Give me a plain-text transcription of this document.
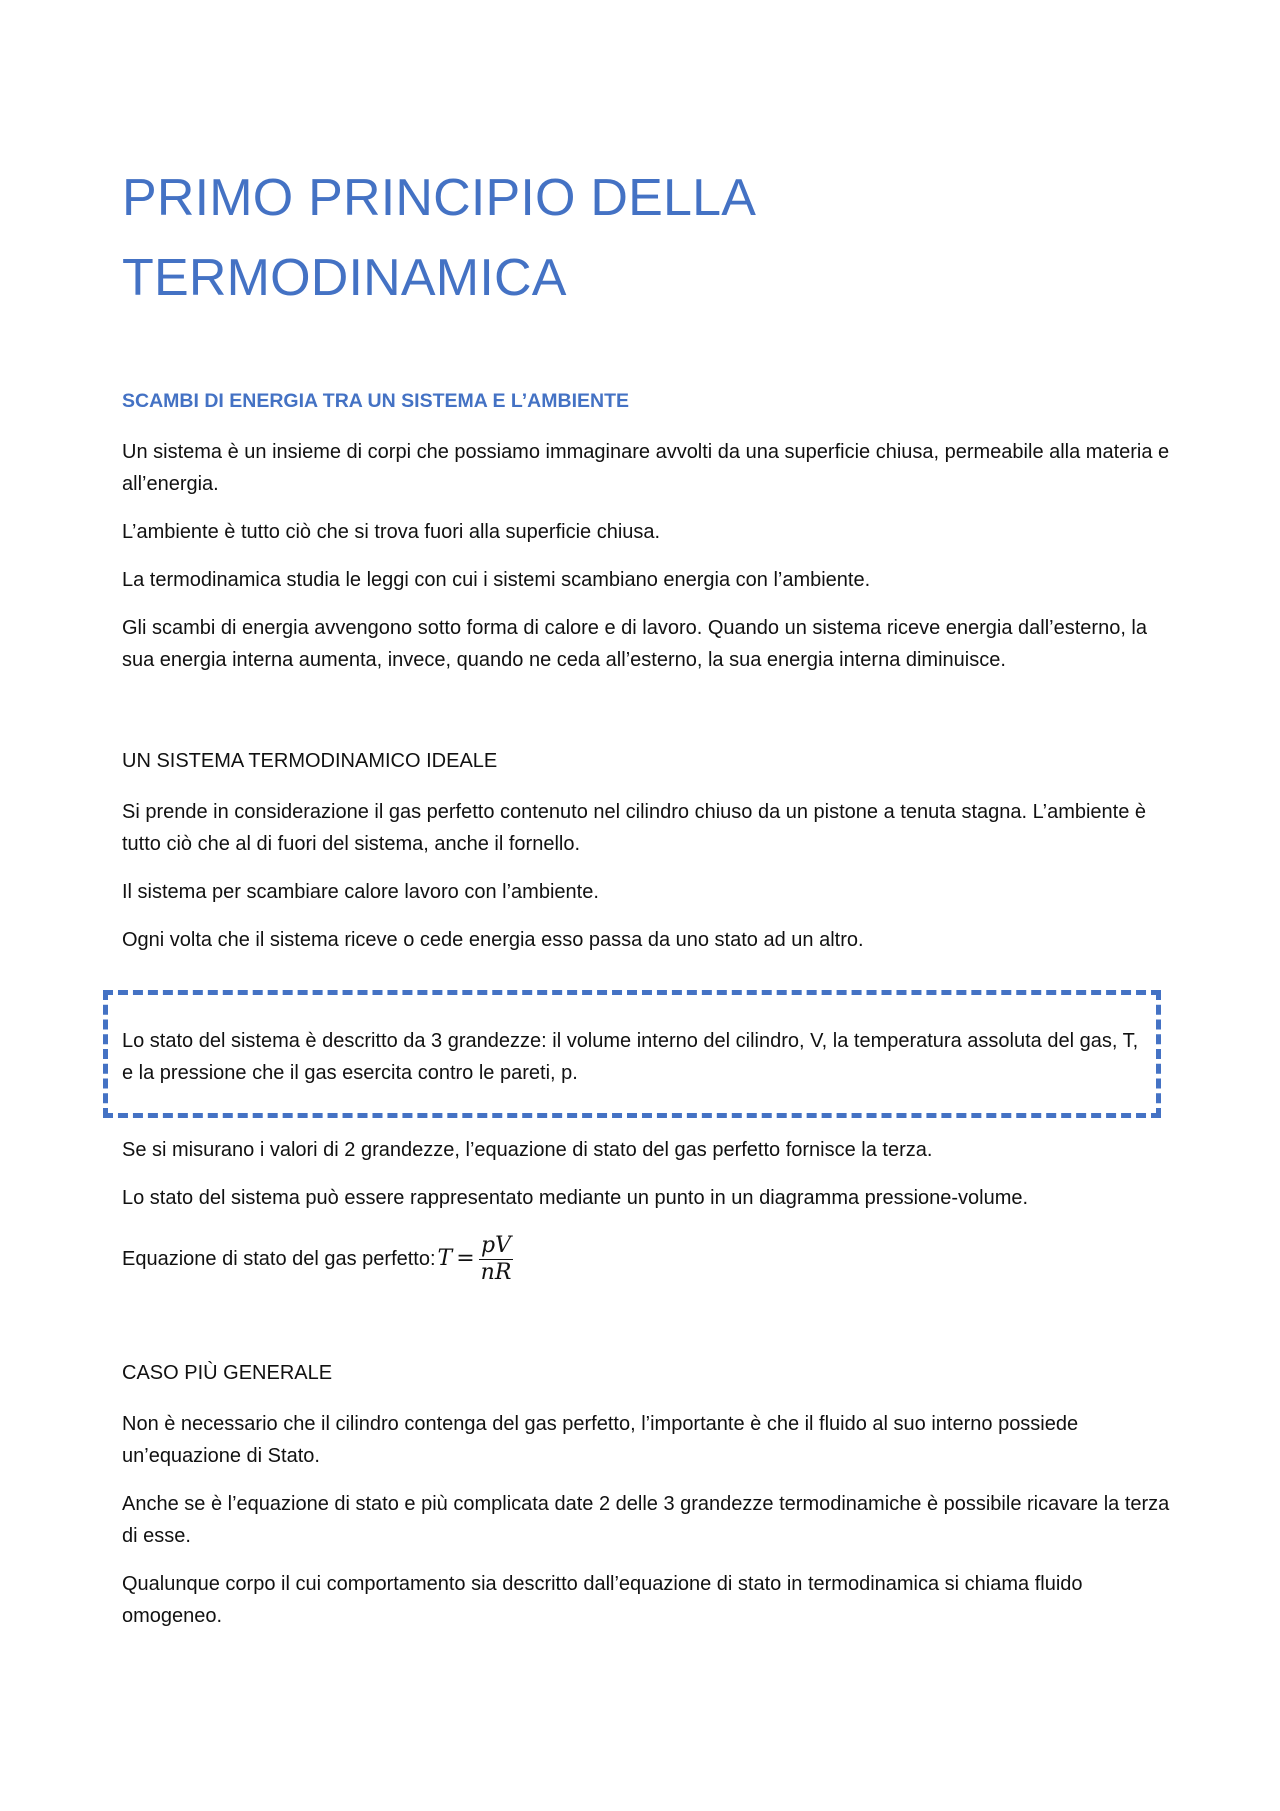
PRIMO PRINCIPIO DELLA
TERMODINAMICA
SCAMBI DI ENERGIA TRA UN SISTEMA E L’AMBIENTE

Un sistema è un insieme di corpi che possiamo immaginare avvolti da una superficie chiusa, permeabile alla materia e all’energia.

L’ambiente è tutto ciò che si trova fuori alla superficie chiusa.

La termodinamica studia le leggi con cui i sistemi scambiano energia con l’ambiente.

Gli scambi di energia avvengono sotto forma di calore e di lavoro. Quando un sistema riceve energia dall’esterno, la sua energia interna aumenta, invece, quando ne ceda all’esterno, la sua energia interna diminuisce.

UN SISTEMA TERMODINAMICO IDEALE

Si prende in considerazione il gas perfetto contenuto nel cilindro chiuso da un pistone a tenuta stagna. L’ambiente è tutto ciò che al di fuori del sistema, anche il fornello.

Il sistema per scambiare calore lavoro con l’ambiente.

Ogni volta che il sistema riceve o cede energia esso passa da uno stato ad un altro.

Lo stato del sistema è descritto da 3 grandezze: il volume interno del cilindro, V, la temperatura assoluta del gas, T, e la pressione che il gas esercita contro le pareti, p.

Se si misurano i valori di 2 grandezze, l’equazione di stato del gas perfetto fornisce la terza.

Lo stato del sistema può essere rappresentato mediante un punto in un diagramma pressione-volume.

Equazione di stato del gas perfetto: $T = \frac{pV}{nR}$
CASO PIÙ GENERALE

Non è necessario che il cilindro contenga del gas perfetto, l’importante è che il fluido al suo interno possiede un’equazione di Stato.

Anche se è l’equazione di stato e più complicata date 2 delle 3 grandezze termodinamiche è possibile ricavare la terza di esse.

Qualunque corpo il cui comportamento sia descritto dall’equazione di stato in termodinamica si chiama fluido omogeneo.
